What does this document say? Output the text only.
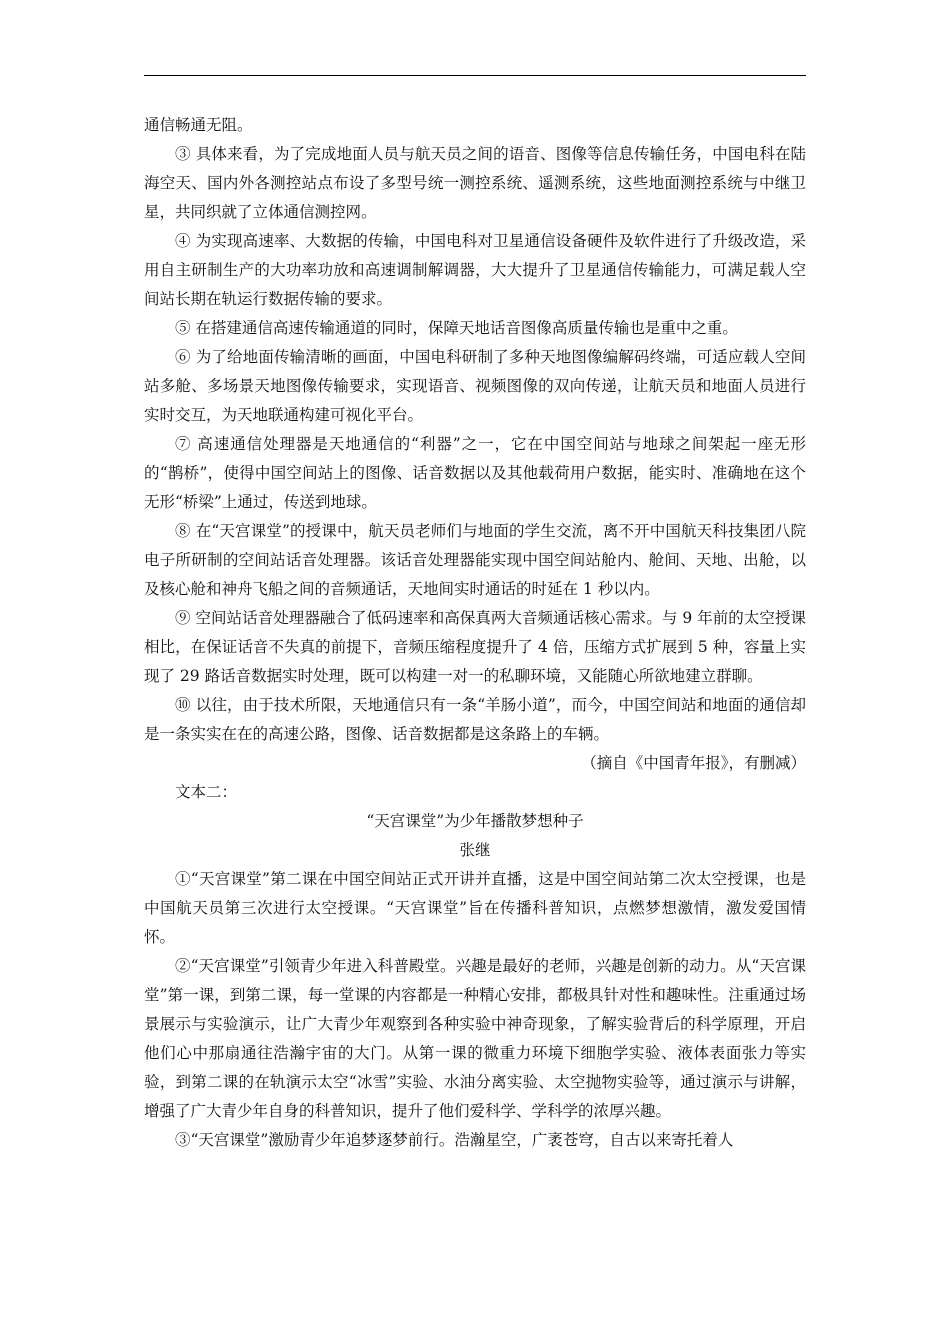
通信畅通无阻。

③ 具体来看，为了完成地面人员与航天员之间的语音、图像等信息传输任务，中国电科在陆海空天、国内外各测控站点布设了多型号统一测控系统、遥测系统，这些地面测控系统与中继卫星，共同织就了立体通信测控网。

④ 为实现高速率、大数据的传输，中国电科对卫星通信设备硬件及软件进行了升级改造，采用自主研制生产的大功率功放和高速调制解调器，大大提升了卫星通信传输能力，可满足载人空间站长期在轨运行数据传输的要求。

⑤ 在搭建通信高速传输通道的同时，保障天地话音图像高质量传输也是重中之重。

⑥ 为了给地面传输清晰的画面，中国电科研制了多种天地图像编解码终端，可适应载人空间站多舱、多场景天地图像传输要求，实现语音、视频图像的双向传递，让航天员和地面人员进行实时交互，为天地联通构建可视化平台。

⑦ 高速通信处理器是天地通信的“利器”之一，它在中国空间站与地球之间架起一座无形的“鹊桥”，使得中国空间站上的图像、话音数据以及其他载荷用户数据，能实时、准确地在这个无形“桥梁”上通过，传送到地球。

⑧ 在“天宫课堂”的授课中，航天员老师们与地面的学生交流，离不开中国航天科技集团八院电子所研制的空间站话音处理器。该话音处理器能实现中国空间站舱内、舱间、天地、出舱，以及核心舱和神舟飞船之间的音频通话，天地间实时通话的时延在 1 秒以内。

⑨ 空间站话音处理器融合了低码速率和高保真两大音频通话核心需求。与 9 年前的太空授课相比，在保证话音不失真的前提下，音频压缩程度提升了 4 倍，压缩方式扩展到 5 种，容量上实现了 29 路话音数据实时处理，既可以构建一对一的私聊环境，又能随心所欲地建立群聊。

⑩ 以往，由于技术所限，天地通信只有一条“羊肠小道”，而今，中国空间站和地面的通信却是一条实实在在的高速公路，图像、话音数据都是这条路上的车辆。

（摘自《中国青年报》，有删减）

文本二：

“天宫课堂”为少年播散梦想种子

张继

①“天宫课堂”第二课在中国空间站正式开讲并直播，这是中国空间站第二次太空授课，也是中国航天员第三次进行太空授课。“天宫课堂”旨在传播科普知识，点燃梦想激情，激发爱国情怀。

②“天宫课堂”引领青少年进入科普殿堂。兴趣是最好的老师，兴趣是创新的动力。从“天宫课堂”第一课，到第二课，每一堂课的内容都是一种精心安排，都极具针对性和趣味性。注重通过场景展示与实验演示，让广大青少年观察到各种实验中神奇现象，了解实验背后的科学原理，开启他们心中那扇通往浩瀚宇宙的大门。从第一课的微重力环境下细胞学实验、液体表面张力等实验，到第二课的在轨演示太空“冰雪”实验、水油分离实验、太空抛物实验等，通过演示与讲解，增强了广大青少年自身的科普知识，提升了他们爱科学、学科学的浓厚兴趣。

③“天宫课堂”激励青少年追梦逐梦前行。浩瀚星空，广袤苍穹，自古以来寄托着人
